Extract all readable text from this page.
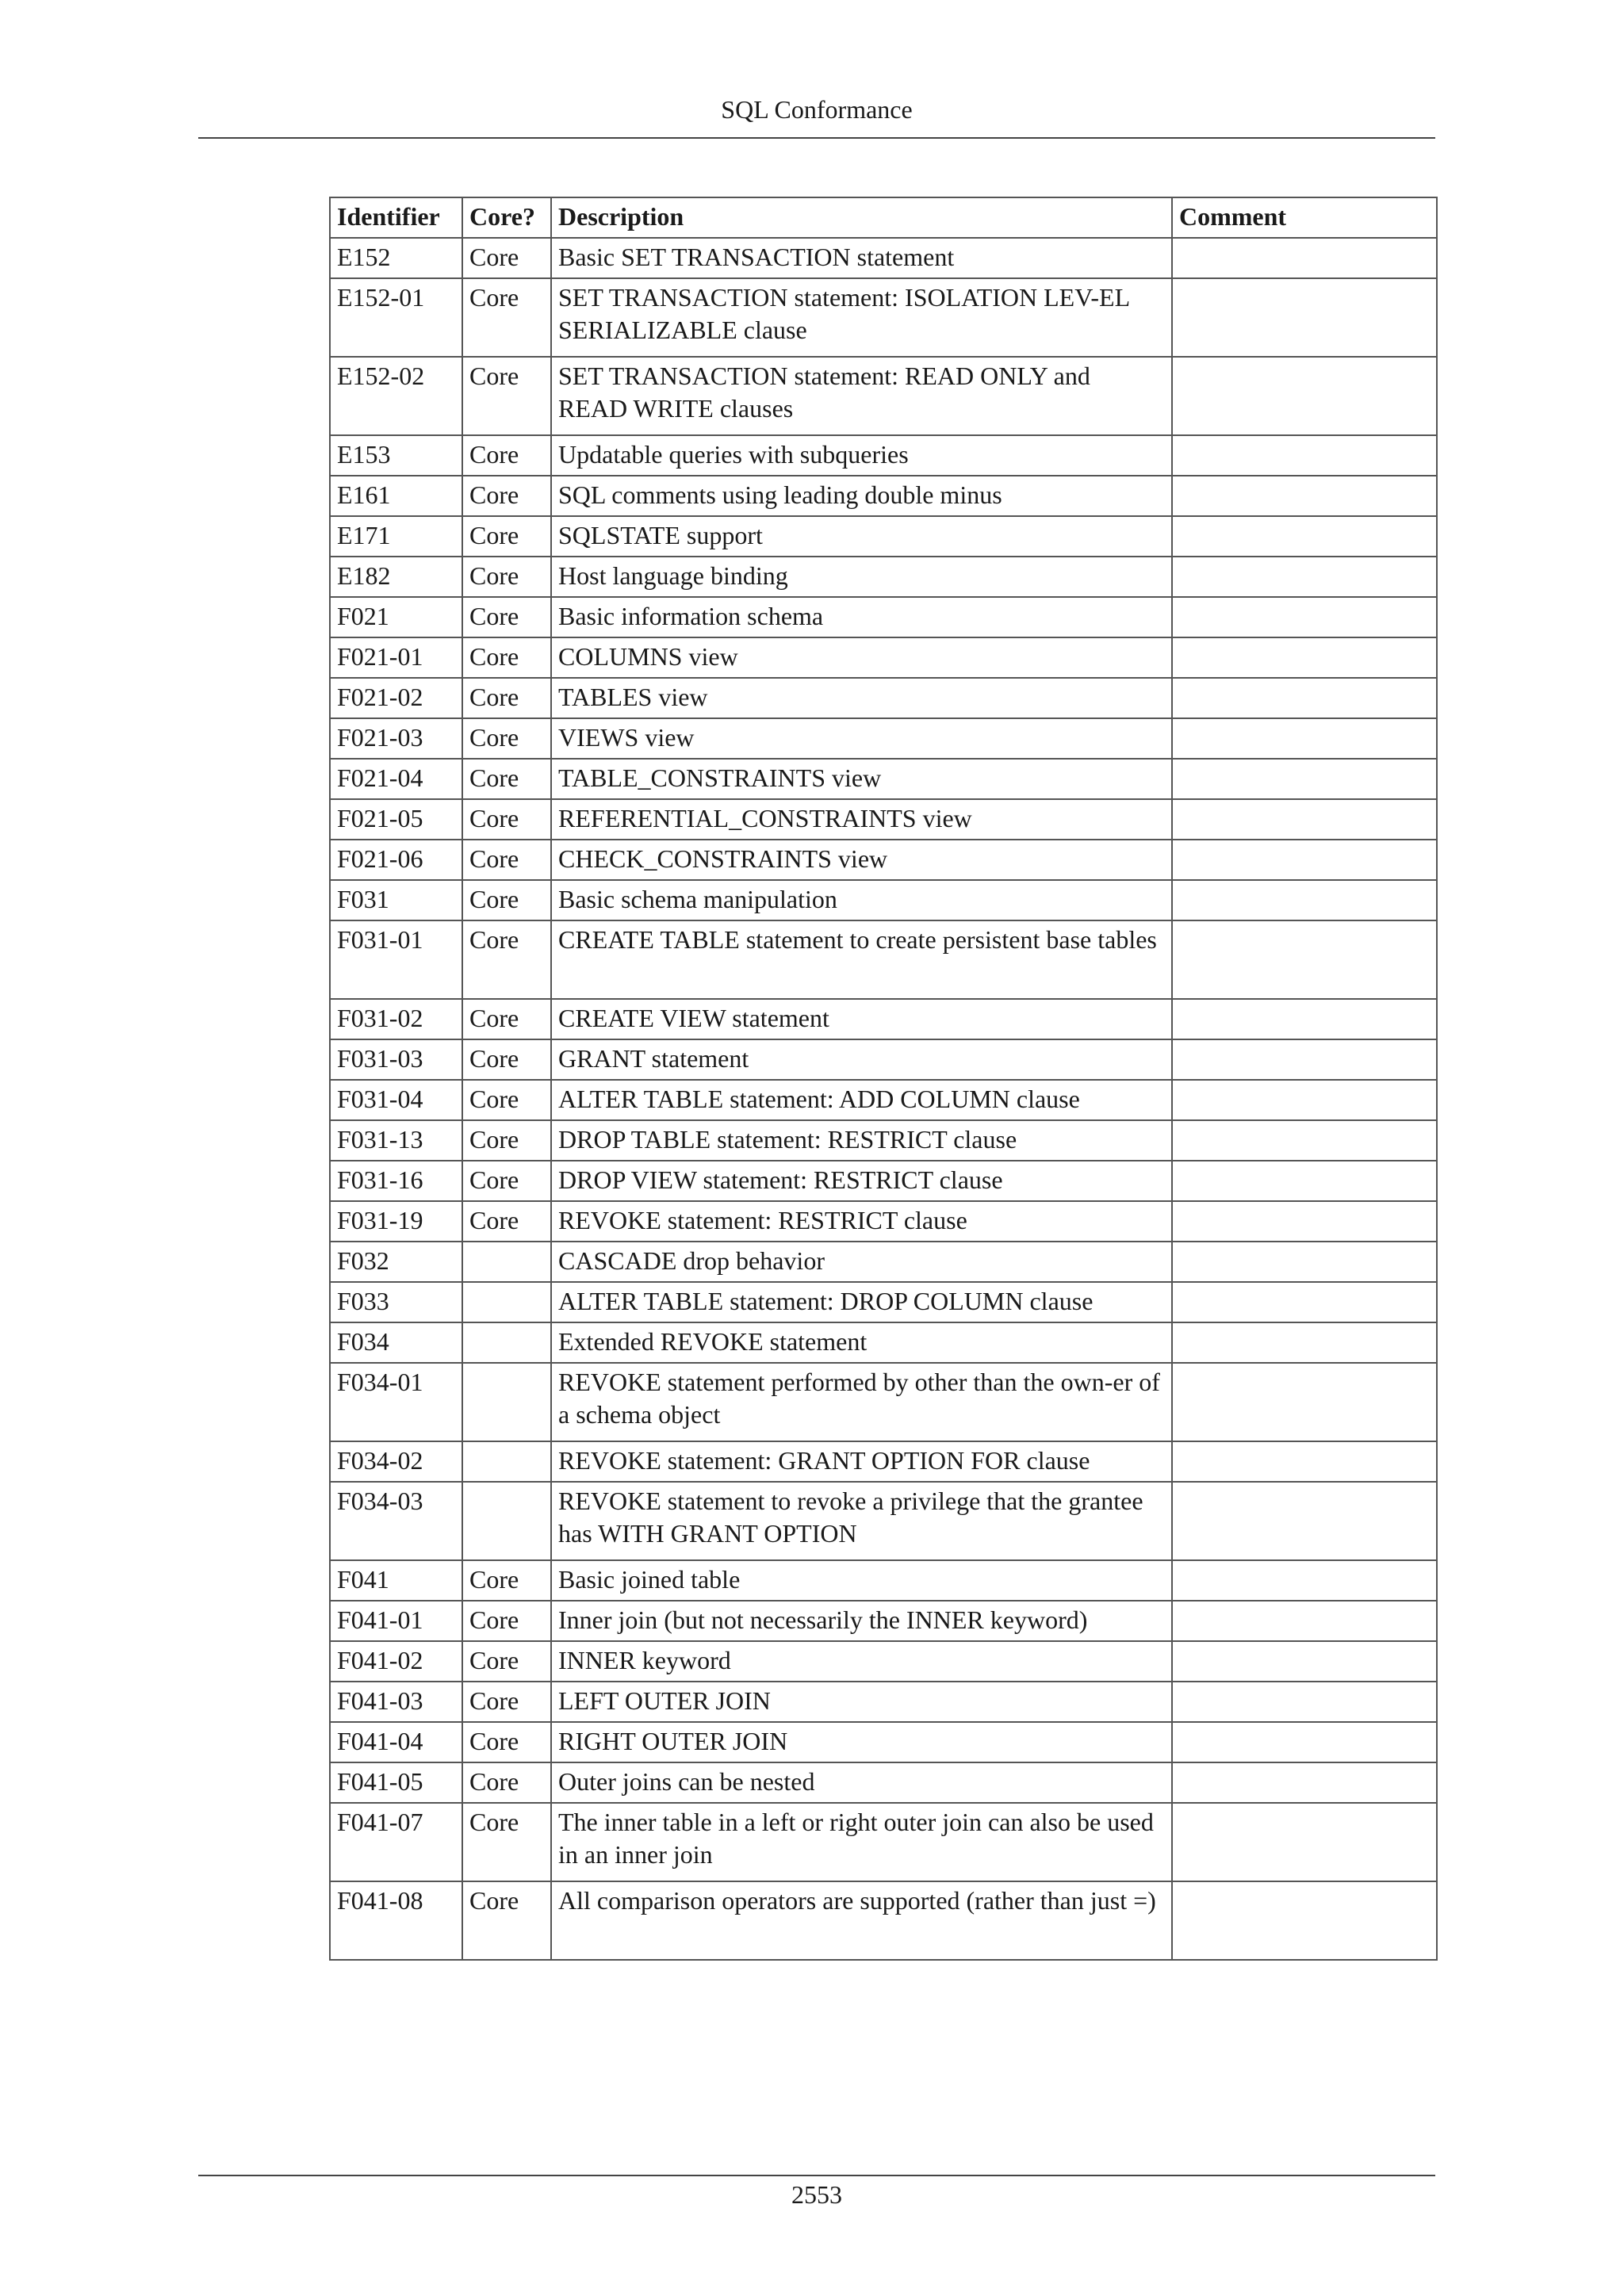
SQL Conformance
Identifier	Core?	Description	Comment
E152	Core	Basic SET TRANSACTION statement	
E152-01	Core	SET TRANSACTION statement: ISOLATION LEV-EL SERIALIZABLE clause	
E152-02	Core	SET TRANSACTION statement: READ ONLY and READ WRITE clauses	
E153	Core	Updatable queries with subqueries	
E161	Core	SQL comments using leading double minus	
E171	Core	SQLSTATE support	
E182	Core	Host language binding	
F021	Core	Basic information schema	
F021-01	Core	COLUMNS view	
F021-02	Core	TABLES view	
F021-03	Core	VIEWS view	
F021-04	Core	TABLE_CONSTRAINTS view	
F021-05	Core	REFERENTIAL_CONSTRAINTS view	
F021-06	Core	CHECK_CONSTRAINTS view	
F031	Core	Basic schema manipulation	
F031-01	Core	CREATE TABLE statement to create persistent base tables	
F031-02	Core	CREATE VIEW statement	
F031-03	Core	GRANT statement	
F031-04	Core	ALTER TABLE statement: ADD COLUMN clause	
F031-13	Core	DROP TABLE statement: RESTRICT clause	
F031-16	Core	DROP VIEW statement: RESTRICT clause	
F031-19	Core	REVOKE statement: RESTRICT clause	
F032		CASCADE drop behavior	
F033		ALTER TABLE statement: DROP COLUMN clause	
F034		Extended REVOKE statement	
F034-01		REVOKE statement performed by other than the own-er of a schema object	
F034-02		REVOKE statement: GRANT OPTION FOR clause	
F034-03		REVOKE statement to revoke a privilege that the grantee has WITH GRANT OPTION	
F041	Core	Basic joined table	
F041-01	Core	Inner join (but not necessarily the INNER keyword)	
F041-02	Core	INNER keyword	
F041-03	Core	LEFT OUTER JOIN	
F041-04	Core	RIGHT OUTER JOIN	
F041-05	Core	Outer joins can be nested	
F041-07	Core	The inner table in a left or right outer join can also be used in an inner join	
F041-08	Core	All comparison operators are supported (rather than just =)	
2553
